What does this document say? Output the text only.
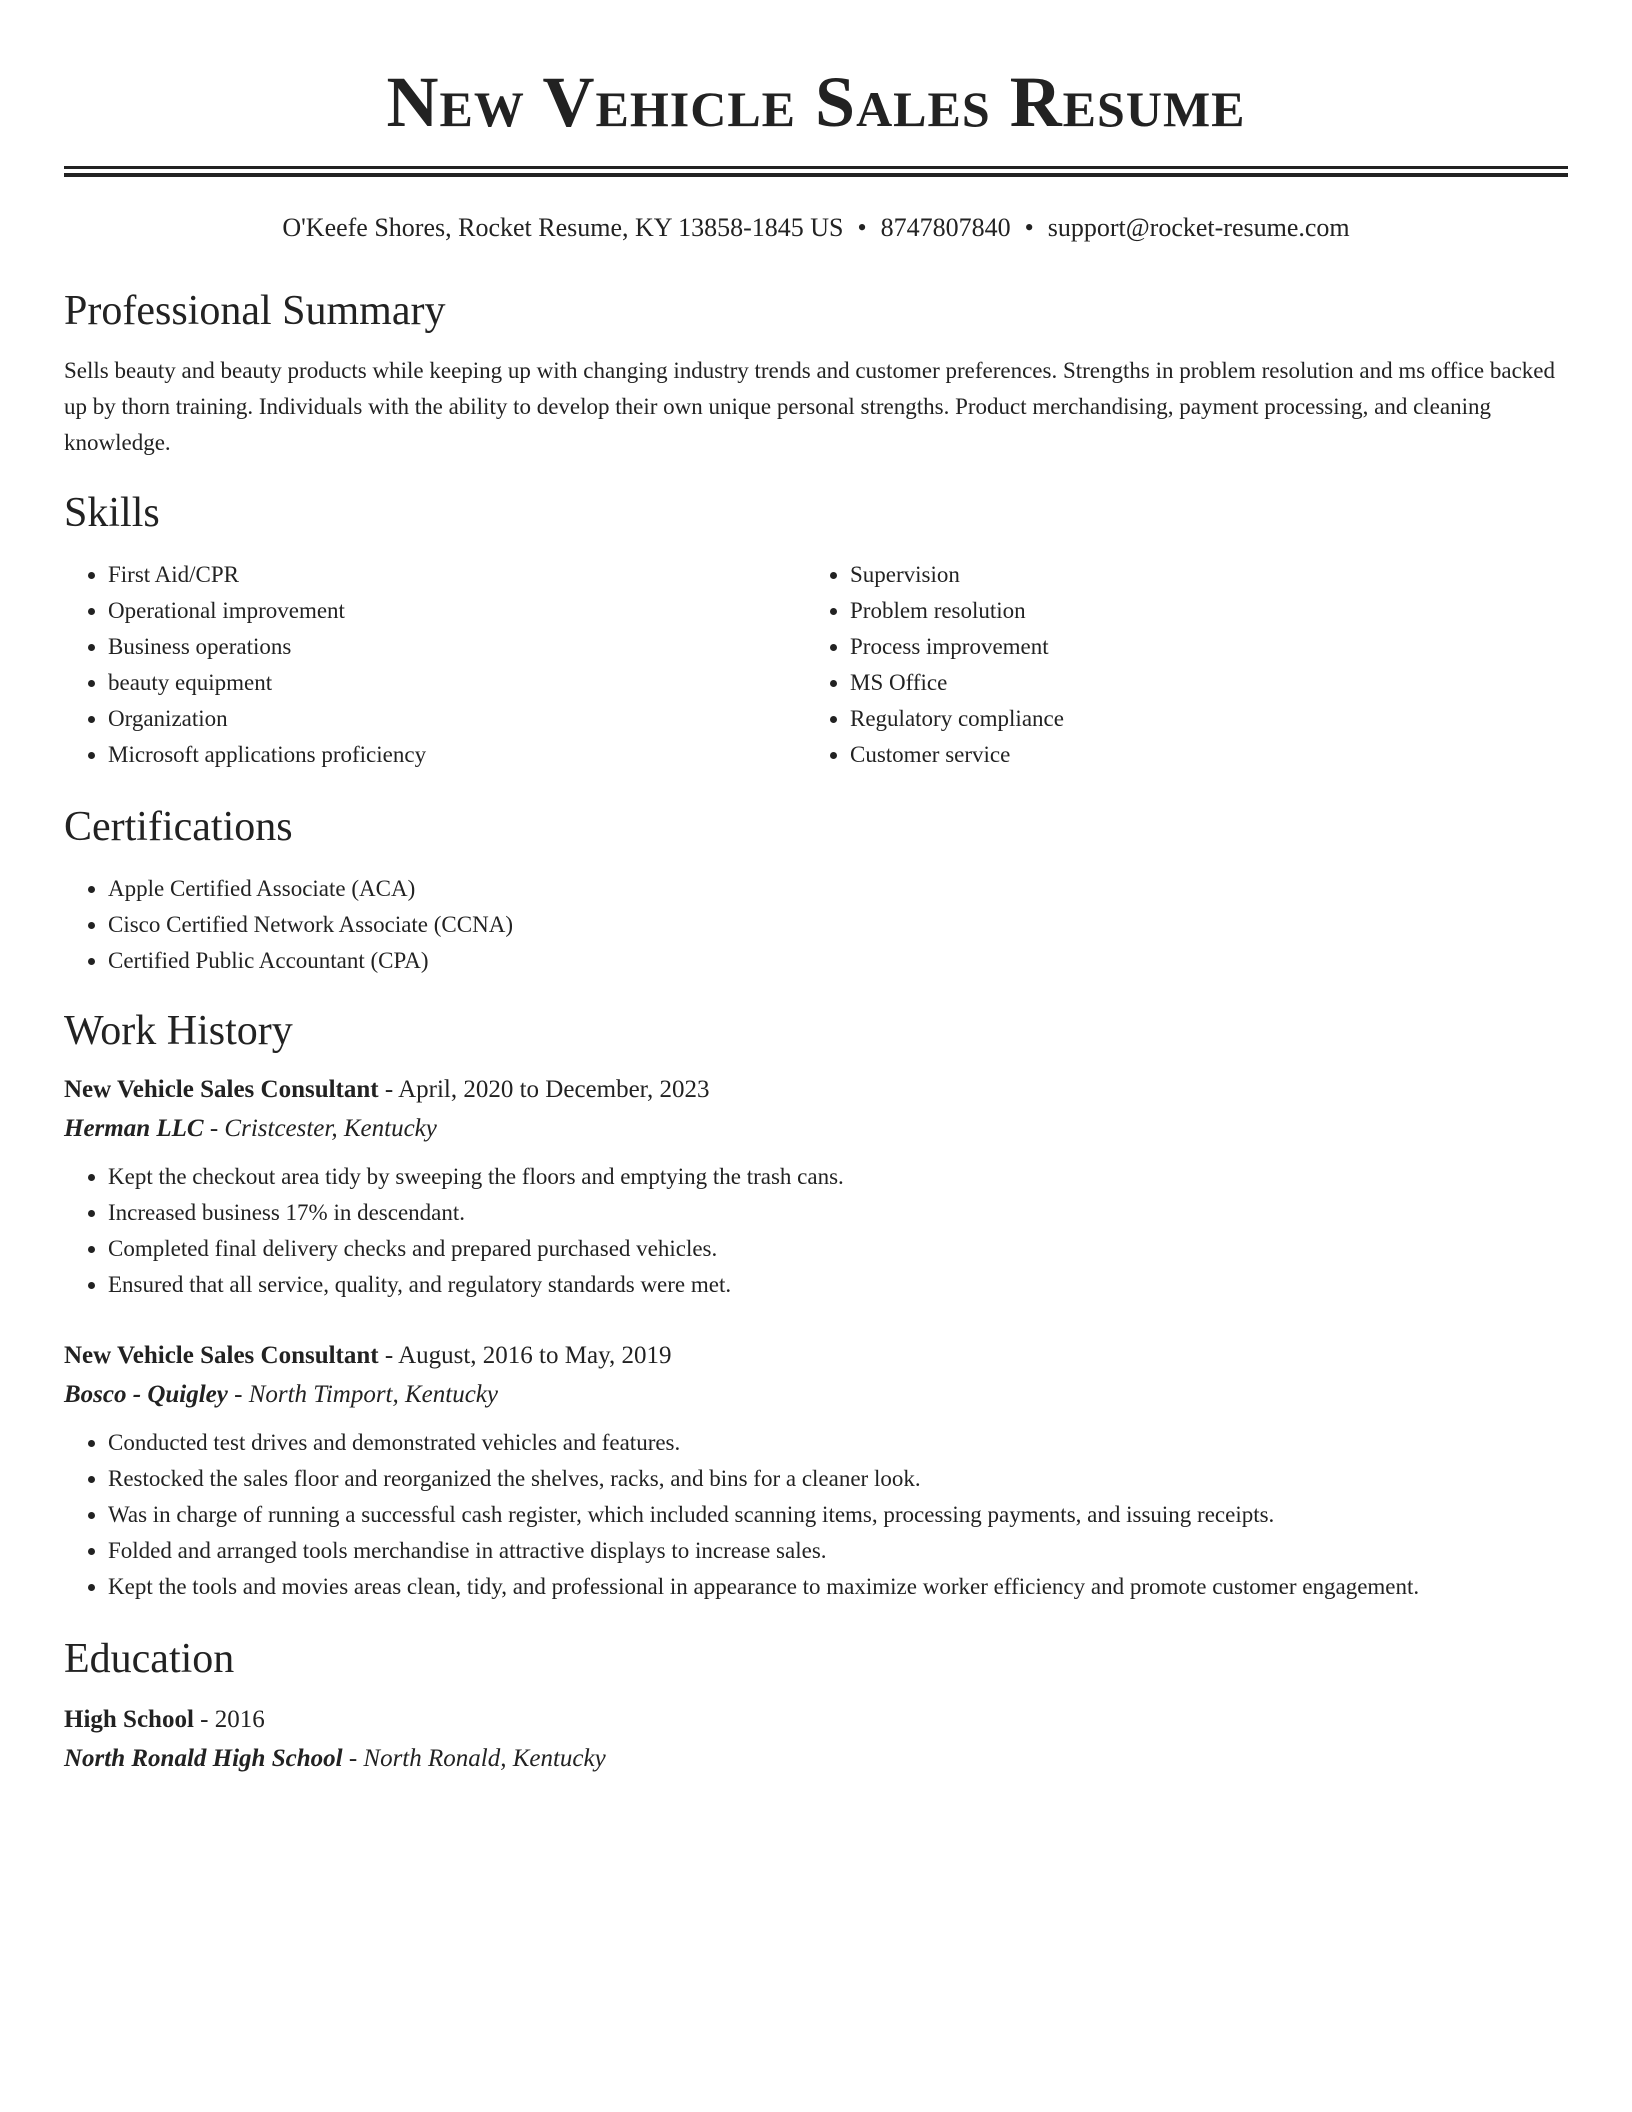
New Vehicle Sales Resume
O'Keefe Shores, Rocket Resume, KY 13858-1845 US • 8747807840 • support@rocket-resume.com
Professional Summary
Sells beauty and beauty products while keeping up with changing industry trends and customer preferences. Strengths in problem resolution and ms office backed up by thorn training. Individuals with the ability to develop their own unique personal strengths. Product merchandising, payment processing, and cleaning knowledge.
Skills
• First Aid/CPR
• Operational improvement
• Business operations
• beauty equipment
• Organization
• Microsoft applications proficiency
• Supervision
• Problem resolution
• Process improvement
• MS Office
• Regulatory compliance
• Customer service
Certifications
• Apple Certified Associate (ACA)
• Cisco Certified Network Associate (CCNA)
• Certified Public Accountant (CPA)
Work History
New Vehicle Sales Consultant - April, 2020 to December, 2023
Herman LLC - Cristcester, Kentucky
• Kept the checkout area tidy by sweeping the floors and emptying the trash cans.
• Increased business 17% in descendant.
• Completed final delivery checks and prepared purchased vehicles.
• Ensured that all service, quality, and regulatory standards were met.
New Vehicle Sales Consultant - August, 2016 to May, 2019
Bosco - Quigley - North Timport, Kentucky
• Conducted test drives and demonstrated vehicles and features.
• Restocked the sales floor and reorganized the shelves, racks, and bins for a cleaner look.
• Was in charge of running a successful cash register, which included scanning items, processing payments, and issuing receipts.
• Folded and arranged tools merchandise in attractive displays to increase sales.
• Kept the tools and movies areas clean, tidy, and professional in appearance to maximize worker efficiency and promote customer engagement.
Education
High School - 2016
North Ronald High School - North Ronald, Kentucky
